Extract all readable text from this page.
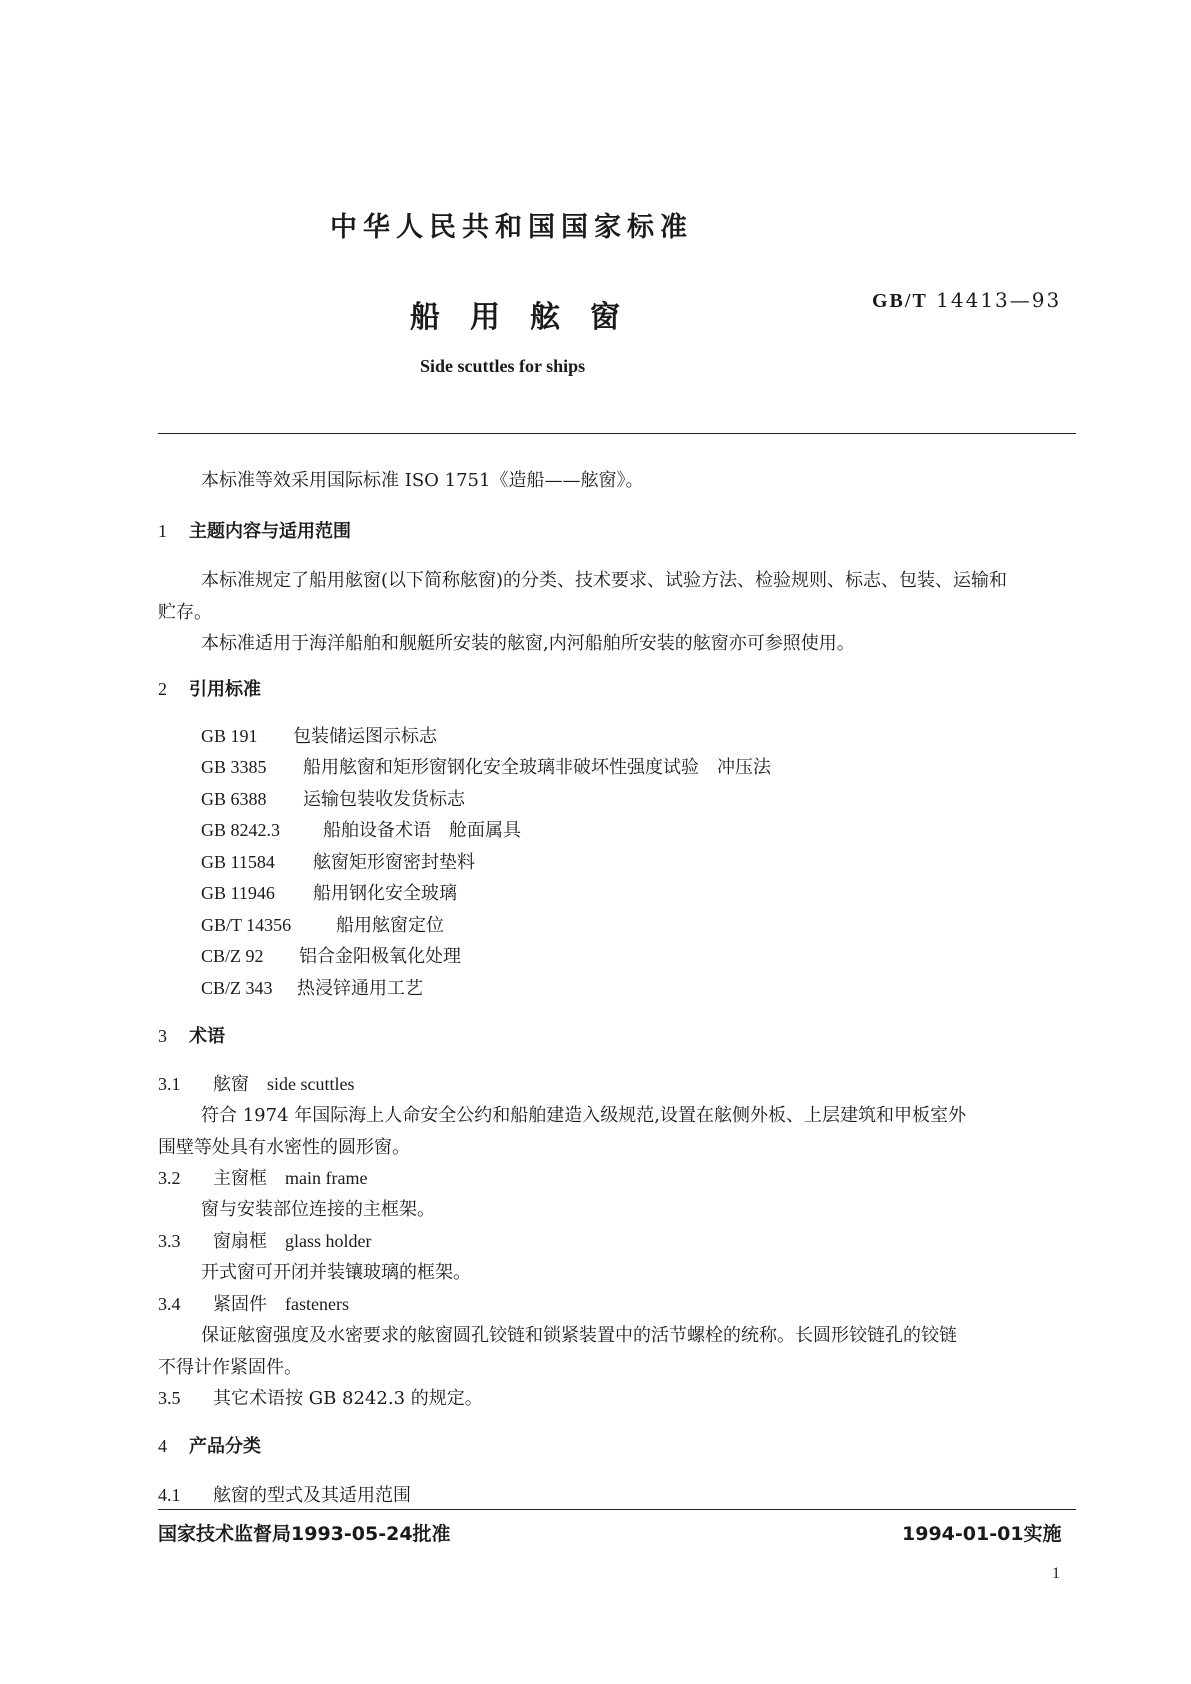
中华人民共和国国家标准
船用舷窗	GB/T 14413—93
Side scuttles for ships
本标准等效采用国际标准 ISO 1751《造船——舷窗》。
1 主题内容与适用范围
本标准规定了船用舷窗(以下简称舷窗)的分类、技术要求、试验方法、检验规则、标志、包装、运输和
贮存。
本标准适用于海洋船舶和舰艇所安装的舷窗,内河船舶所安装的舷窗亦可参照使用。
2 引用标准
GB 191 包装储运图示标志
GB 3385 船用舷窗和矩形窗钢化安全玻璃非破坏性强度试验　冲压法
GB 6388 运输包装收发货标志
GB 8242.3 船舶设备术语　舱面属具
GB 11584 舷窗矩形窗密封垫料
GB 11946 船用钢化安全玻璃
GB/T 14356 船用舷窗定位
CB/Z 92 铝合金阳极氧化处理
CB/Z 343 热浸锌通用工艺
3 术语
3.1 舷窗 side scuttles
符合 1974 年国际海上人命安全公约和船舶建造入级规范,设置在舷侧外板、上层建筑和甲板室外
围壁等处具有水密性的圆形窗。
3.2 主窗框 main frame
窗与安装部位连接的主框架。
3.3 窗扇框 glass holder
开式窗可开闭并装镶玻璃的框架。
3.4 紧固件 fasteners
保证舷窗强度及水密要求的舷窗圆孔铰链和锁紧装置中的活节螺栓的统称。长圆形铰链孔的铰链
不得计作紧固件。
3.5 其它术语按 GB 8242.3 的规定。
4 产品分类
4.1 舷窗的型式及其适用范围
国家技术监督局1993-05-24批准	1994-01-01实施
1
